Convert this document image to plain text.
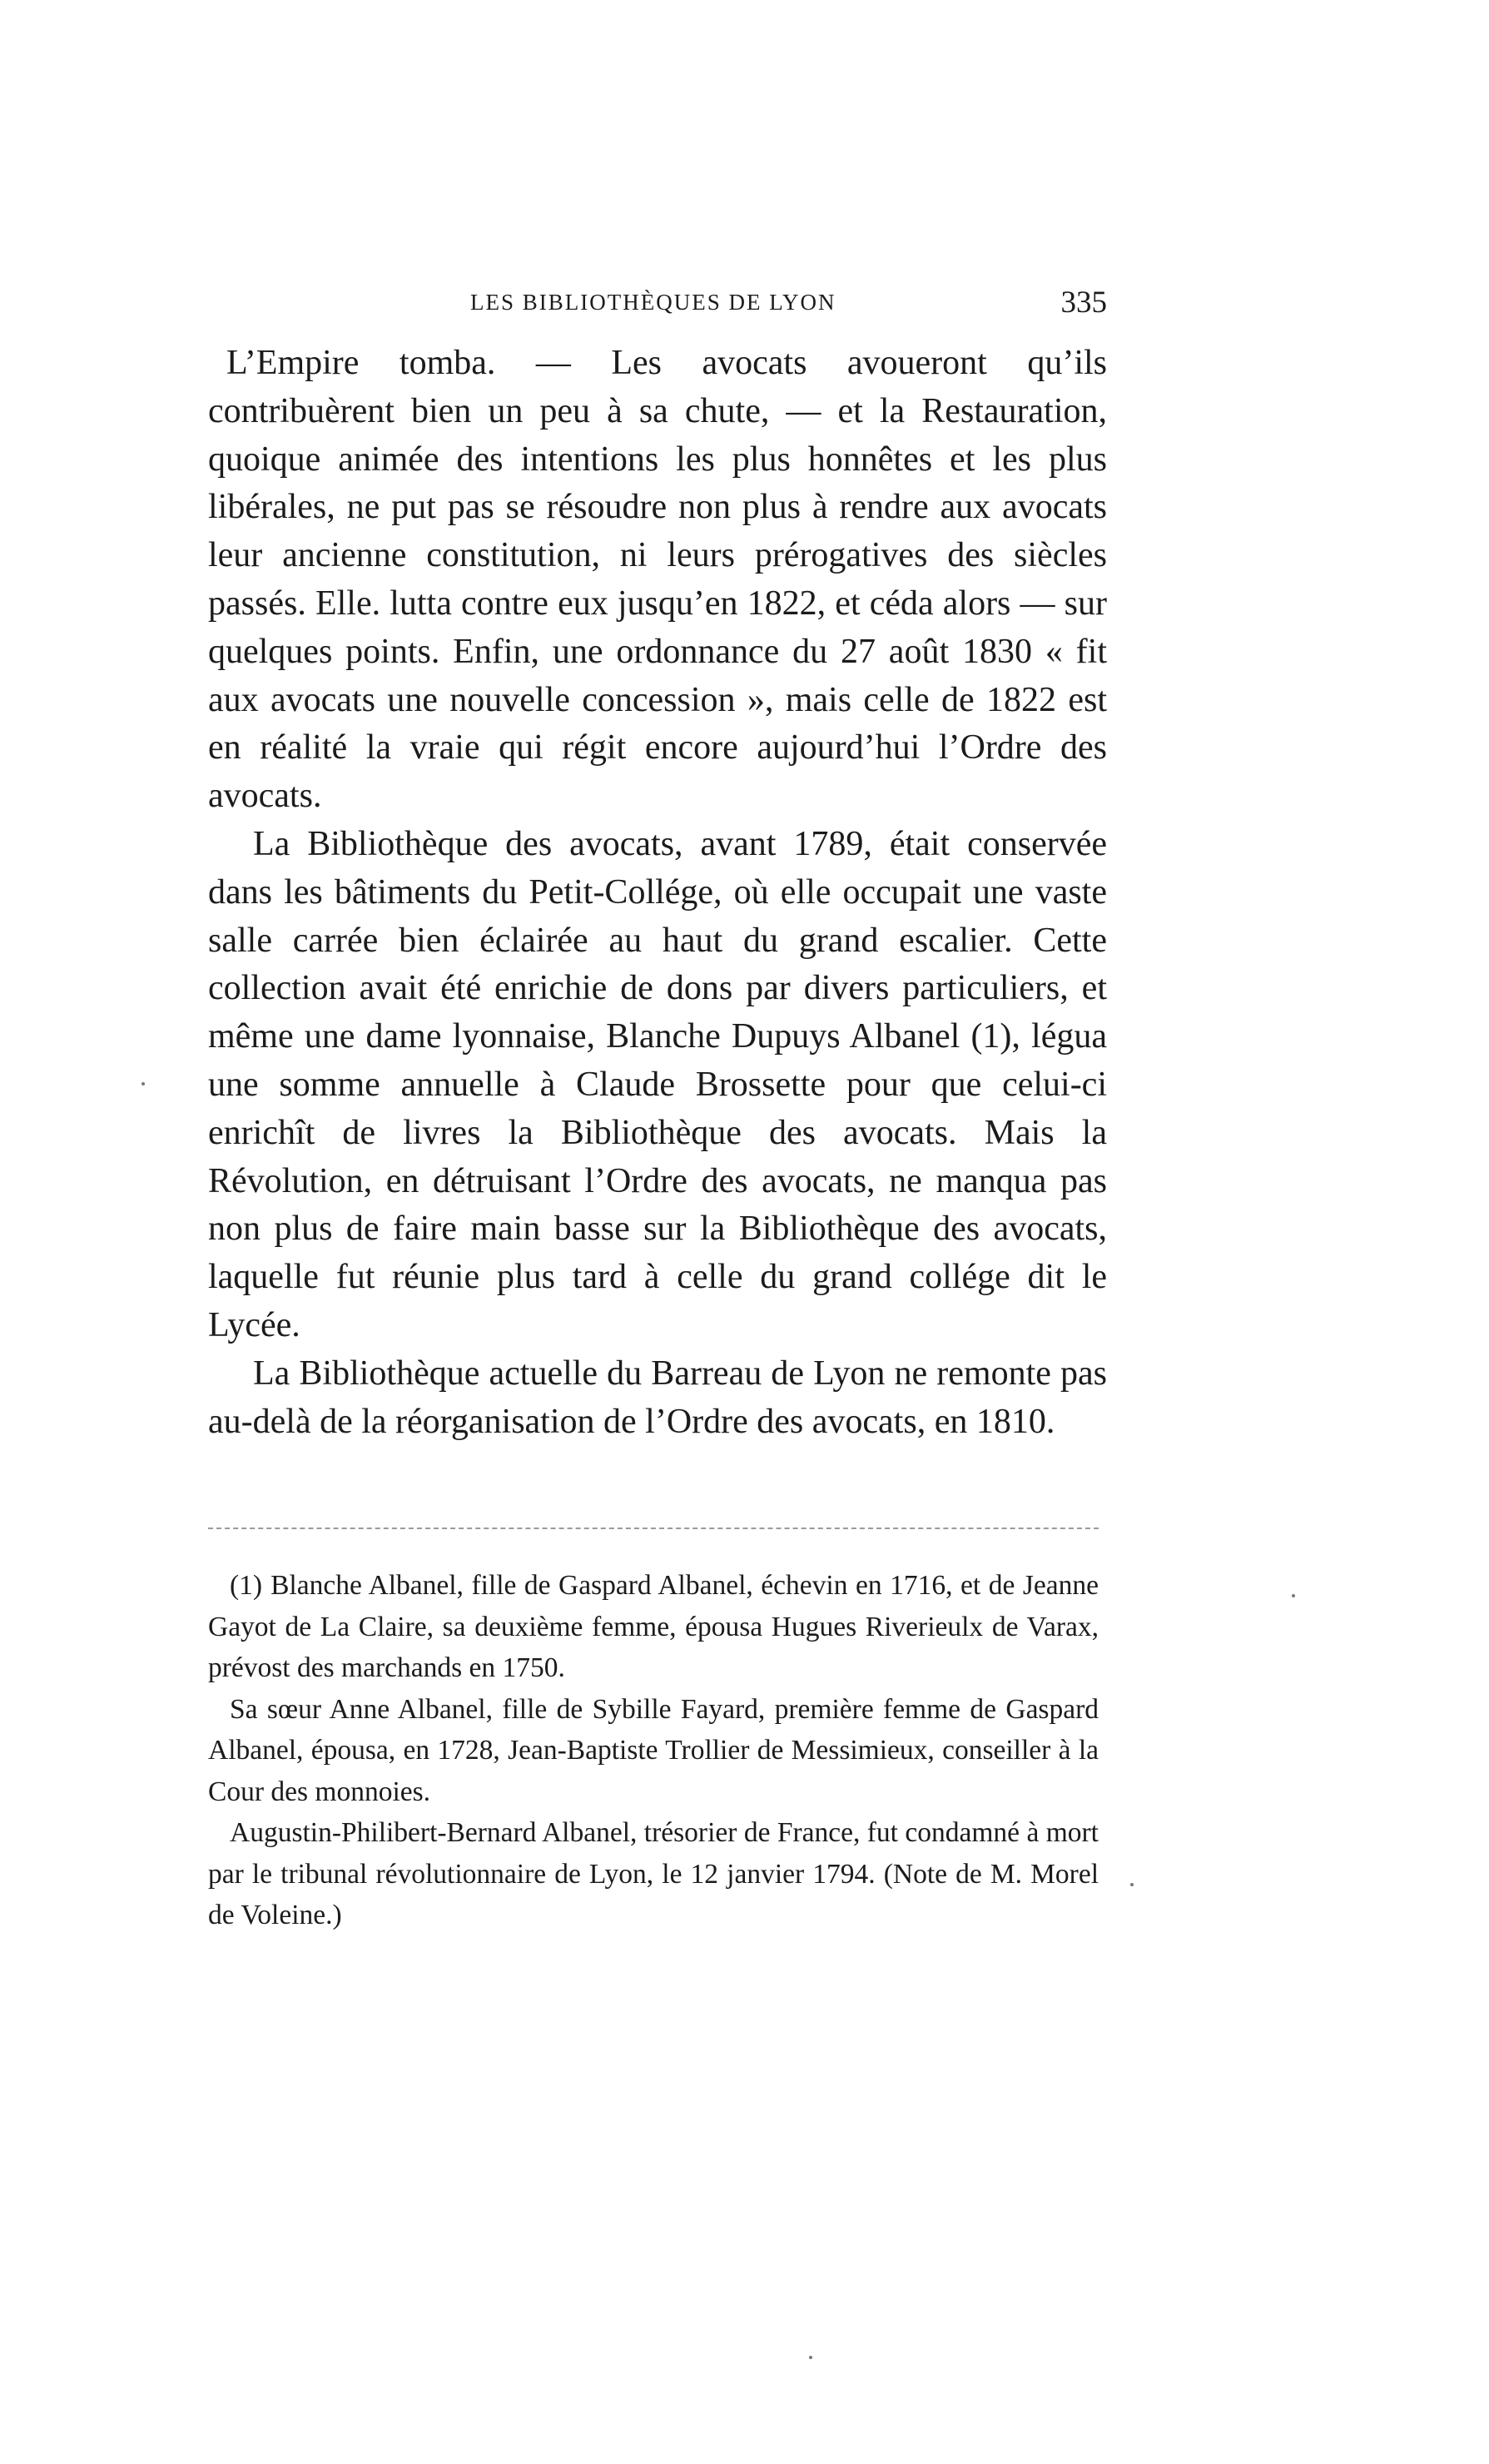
LES BIBLIOTHÈQUES DE LYON	335

L’Empire tomba. — Les avocats avoueront qu’ils contribuèrent bien un peu à sa chute, — et la Restauration, quoique animée des intentions les plus honnêtes et les plus libérales, ne put pas se résoudre non plus à rendre aux avocats leur ancienne constitution, ni leurs prérogatives des siècles passés. Elle. lutta contre eux jusqu’en 1822, et céda alors — sur quelques points. Enfin, une ordonnance du 27 août 1830 « fit aux avocats une nouvelle concession », mais celle de 1822 est en réalité la vraie qui régit encore aujourd’hui l’Ordre des avocats.

La Bibliothèque des avocats, avant 1789, était conservée dans les bâtiments du Petit-Collége, où elle occupait une vaste salle carrée bien éclairée au haut du grand escalier. Cette collection avait été enrichie de dons par divers particuliers, et même une dame lyonnaise, Blanche Dupuys Albanel (1), légua une somme annuelle à Claude Brossette pour que celui-ci enrichît de livres la Bibliothèque des avocats. Mais la Révolution, en détruisant l’Ordre des avocats, ne manqua pas non plus de faire main basse sur la Bibliothèque des avocats, laquelle fut réunie plus tard à celle du grand collége dit le Lycée.

La Bibliothèque actuelle du Barreau de Lyon ne remonte pas au-delà de la réorganisation de l’Ordre des avocats, en 1810.

(1) Blanche Albanel, fille de Gaspard Albanel, échevin en 1716, et de Jeanne Gayot de La Claire, sa deuxième femme, épousa Hugues Riverieulx de Varax, prévost des marchands en 1750.

Sa sœur Anne Albanel, fille de Sybille Fayard, première femme de Gaspard Albanel, épousa, en 1728, Jean-Baptiste Trollier de Messimieux, conseiller à la Cour des monnoies.

Augustin-Philibert-Bernard Albanel, trésorier de France, fut condamné à mort par le tribunal révolutionnaire de Lyon, le 12 janvier 1794. (Note de M. Morel de Voleine.)
